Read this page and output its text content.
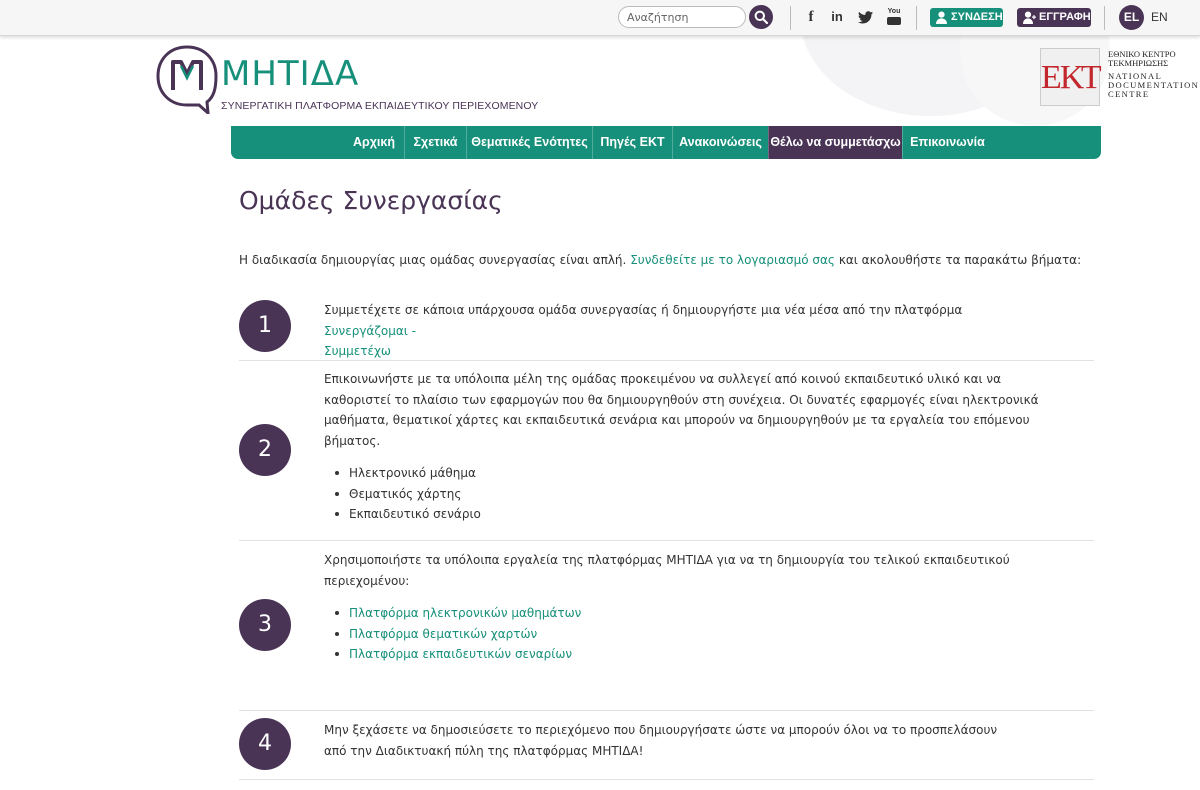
Αναζήτηση
f in	You	ΣΥΝΔΕΣΗ	ΕΓΓΡΑΦΗ	EL EN
ΜΗΤΙΔΑ
ΣΥΝΕΡΓΑΤΙΚΗ ΠΛΑΤΦΟΡΜΑ ΕΚΠΑΙΔΕΥΤΙΚΟΥ ΠΕΡΙΕΧΟΜΕΝΟΥ
ΕΚΤ
ΕΘΝΙΚΟ ΚΕΝΤΡΟ
ΤΕΚΜΗΡΙΩΣΗΣ
NATIONAL
DOCUMENTATION
CENTRE
Αρχική	Σχετικά	Θεματικές Ενότητες	Πηγές ΕΚΤ	Ανακοινώσεις Θέλω να συμμετάσχω Επικοινωνία
Ομάδες Συνεργασίας

Η διαδικασία δημιουργίας μιας ομάδας συνεργασίας είναι απλή. Συνδεθείτε με το λογαριασμό σας και ακολουθήστε τα παρακάτω βήματα:

1
Συμμετέχετε σε κάποια υπάρχουσα ομάδα συνεργασίας ή δημιουργήστε μια νέα μέσα από την πλατφόρμα Συνεργάζομαι -
Συμμετέχω
2
Επικοινωνήστε με τα υπόλοιπα μέλη της ομάδας προκειμένου να συλλεγεί από κοινού εκπαιδευτικό υλικό και να καθοριστεί το πλαίσιο των εφαρμογών που θα δημιουργηθούν στη συνέχεια. Οι δυνατές εφαρμογές είναι ηλεκτρονικά μαθήματα, θεματικοί χάρτες και εκπαιδευτικά σενάρια και μπορούν να δημιουργηθούν με τα εργαλεία του επόμενου βήματος.
Ηλεκτρονικό μάθημα
Θεματικός χάρτης
Εκπαιδευτικό σενάριο
3
Χρησιμοποιήστε τα υπόλοιπα εργαλεία της πλατφόρμας ΜΗΤΙΔΑ για να τη δημιουργία του τελικού εκπαιδευτικού περιεχομένου:
Πλατφόρμα ηλεκτρονικών μαθημάτων
Πλατφόρμα θεματικών χαρτών
Πλατφόρμα εκπαιδευτικών σεναρίων
4
Μην ξεχάσετε να δημοσιεύσετε το περιεχόμενο που δημιουργήσατε ώστε να μπορούν όλοι να το προσπελάσουν από την Διαδικτυακή πύλη της πλατφόρμας ΜΗΤΙΔΑ!
